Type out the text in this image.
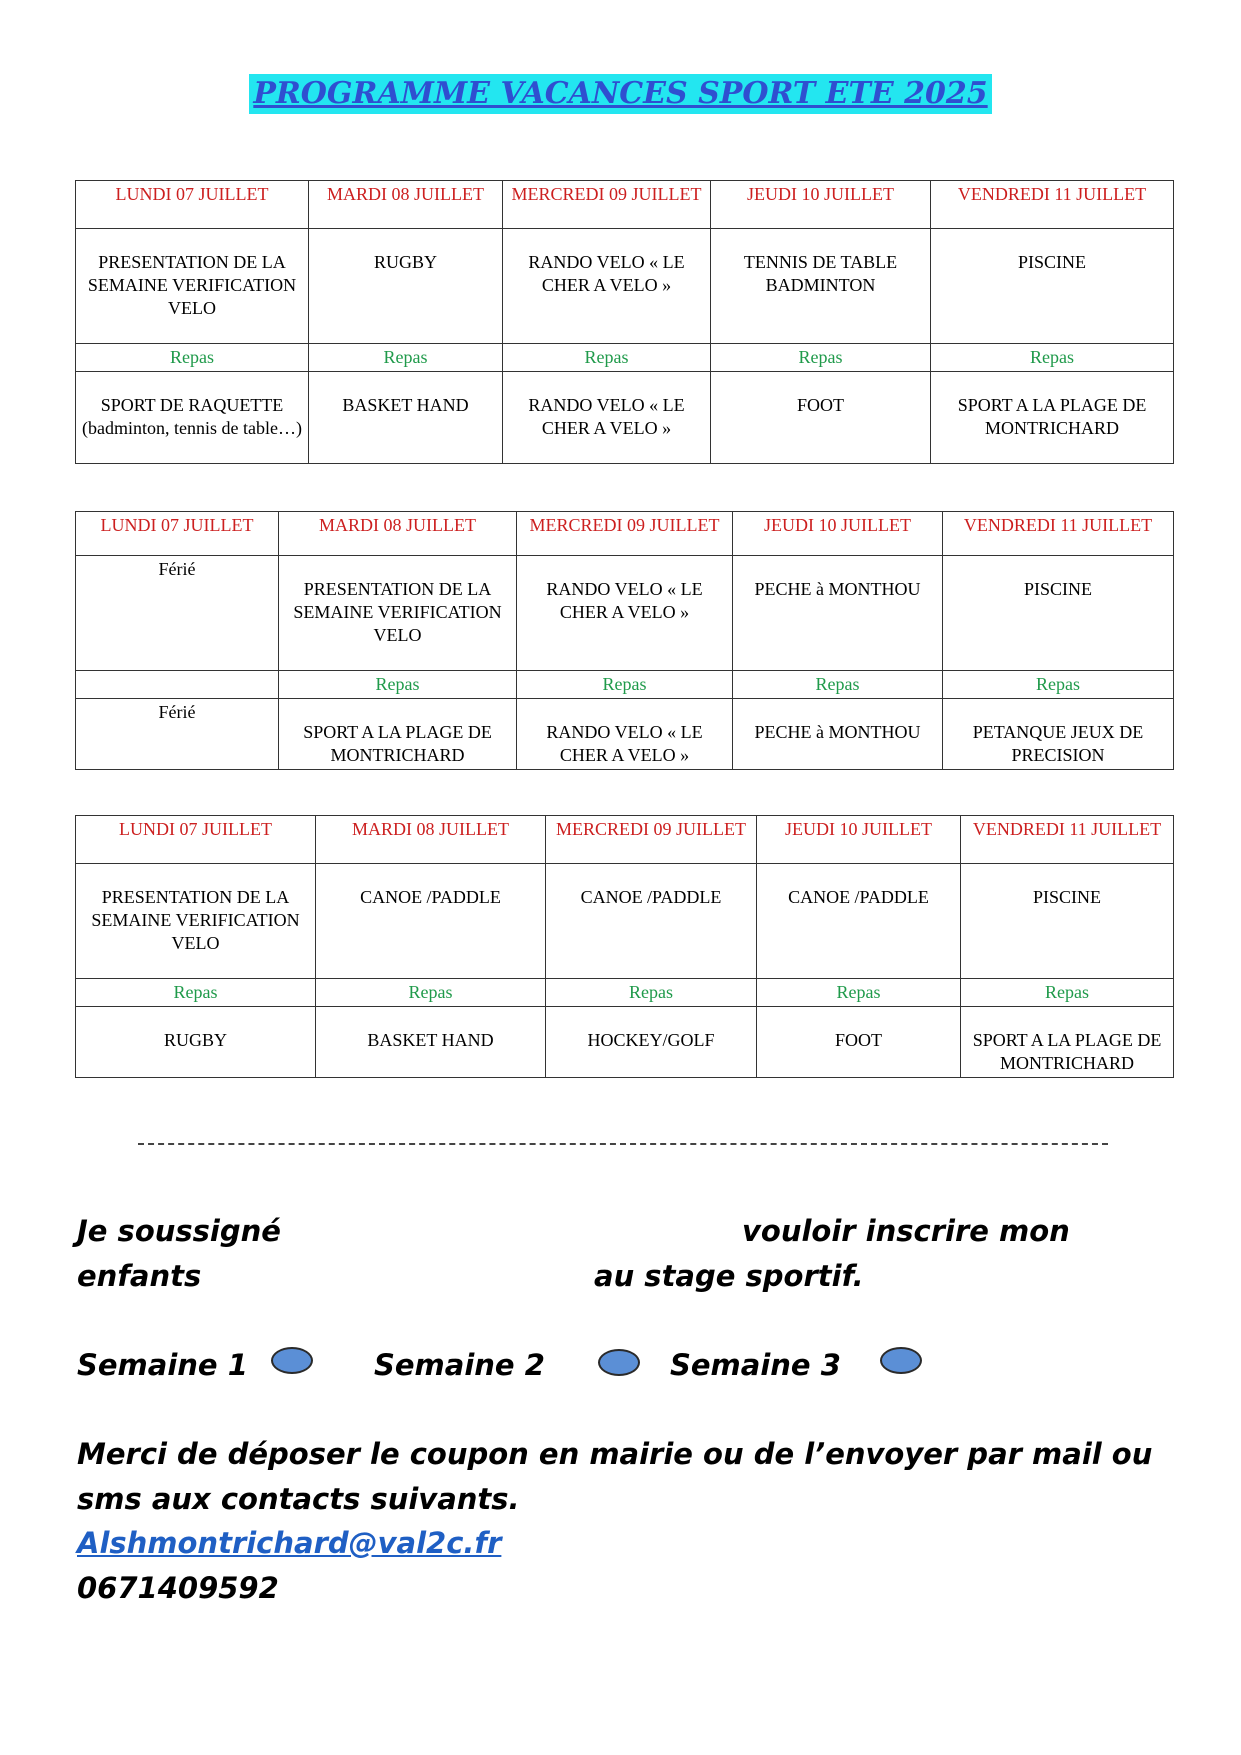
PROGRAMME VACANCES SPORT ETE 2025
LUNDI 07 JUILLET	MARDI 08 JUILLET	MERCREDI 09 JUILLET	JEUDI 10 JUILLET	VENDREDI 11 JUILLET
PRESENTATION DE LA SEMAINE VERIFICATION VELO	RUGBY	RANDO VELO « LE CHER A VELO »	TENNIS DE TABLE BADMINTON	PISCINE
Repas	Repas	Repas	Repas	Repas
SPORT DE RAQUETTE (badminton, tennis de table…)	BASKET HAND	RANDO VELO « LE CHER A VELO »	FOOT	SPORT A LA PLAGE DE MONTRICHARD
LUNDI 07 JUILLET	MARDI 08 JUILLET	MERCREDI 09 JUILLET	JEUDI 10 JUILLET	VENDREDI 11 JUILLET
Férié	PRESENTATION DE LA SEMAINE VERIFICATION VELO	RANDO VELO « LE CHER A VELO »	PECHE à MONTHOU	PISCINE
	Repas	Repas	Repas	Repas
Férié	SPORT A LA PLAGE DE MONTRICHARD	RANDO VELO « LE CHER A VELO »	PECHE à MONTHOU	PETANQUE JEUX DE PRECISION
LUNDI 07 JUILLET	MARDI 08 JUILLET	MERCREDI 09 JUILLET	JEUDI 10 JUILLET	VENDREDI 11 JUILLET
PRESENTATION DE LA SEMAINE VERIFICATION VELO	CANOE /PADDLE	CANOE /PADDLE	CANOE /PADDLE	PISCINE
Repas	Repas	Repas	Repas	Repas
RUGBY	BASKET HAND	HOCKEY/GOLF	FOOT	SPORT A LA PLAGE DE MONTRICHARD
Je soussigné	vouloir inscrire mon
enfants	au stage sportif.
Semaine 1	Semaine 2	Semaine 3
Merci de déposer le coupon en mairie ou de l’envoyer par mail ou
sms aux contacts suivants.
Alshmontrichard@val2c.fr
0671409592
